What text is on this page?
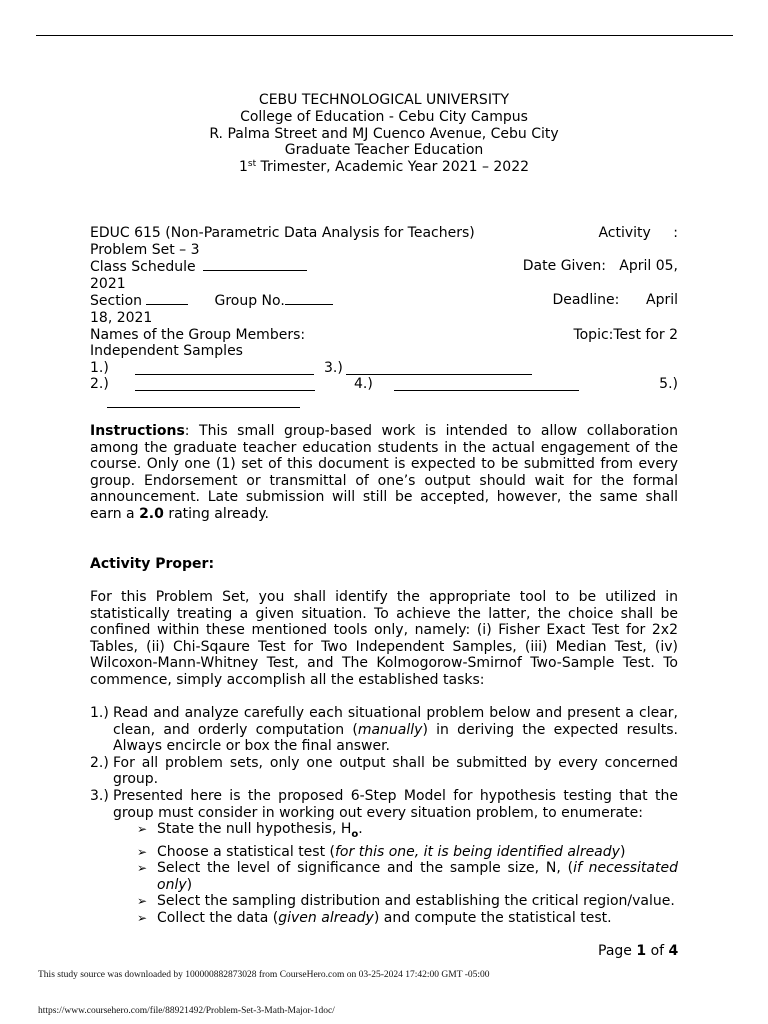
CEBU TECHNOLOGICAL UNIVERSITY
College of Education - Cebu City Campus
R. Palma Street and MJ Cuenco Avenue, Cebu City
Graduate Teacher Education
1st Trimester, Academic Year 2021 – 2022
EDUC 615 (Non-Parametric Data Analysis for Teachers)	Activity :
Problem Set – 3
Class Schedule	Date Given: April 05,
2021
Section	Group No.	Deadline: April
18, 2021
Names of the Group Members:	Topic:Test for 2
Independent Samples
1.)	3.)
2.)	4.)	5.)
Instructions: This small group-based work is intended to allow collaboration among the graduate teacher education students in the actual engagement of the course. Only one (1) set of this document is expected to be submitted from every group. Endorsement or transmittal of one’s output should wait for the formal announcement. Late submission will still be accepted, however, the same shall earn a 2.0 rating already.
Activity Proper:
For this Problem Set, you shall identify the appropriate tool to be utilized in statistically treating a given situation. To achieve the latter, the choice shall be confined within these mentioned tools only, namely: (i) Fisher Exact Test for 2x2 Tables, (ii) Chi-Sqaure Test for Two Independent Samples, (iii) Median Test, (iv) Wilcoxon-Mann-Whitney Test, and The Kolmogorow-Smirnof Two-Sample Test. To commence, simply accomplish all the established tasks:
1.) Read and analyze carefully each situational problem below and present a clear, clean, and orderly computation (manually) in deriving the expected results. Always encircle or box the final answer.
2.) For all problem sets, only one output shall be submitted by every concerned group.
3.) Presented here is the proposed 6-Step Model for hypothesis testing that the group must consider in working out every situation problem, to enumerate:
➢ State the null hypothesis, $H_o$.
➢ Choose a statistical test (for this one, it is being identified already)
➢ Select the level of significance and the sample size, N, (if necessitated only)
➢ Select the sampling distribution and establishing the critical region/value.
➢ Collect the data (given already) and compute the statistical test.
Page 1 of 4
This study source was downloaded by 100000882873028 from CourseHero.com on 03-25-2024 17:42:00 GMT -05:00
https://www.coursehero.com/file/88921492/Problem-Set-3-Math-Major-1doc/
